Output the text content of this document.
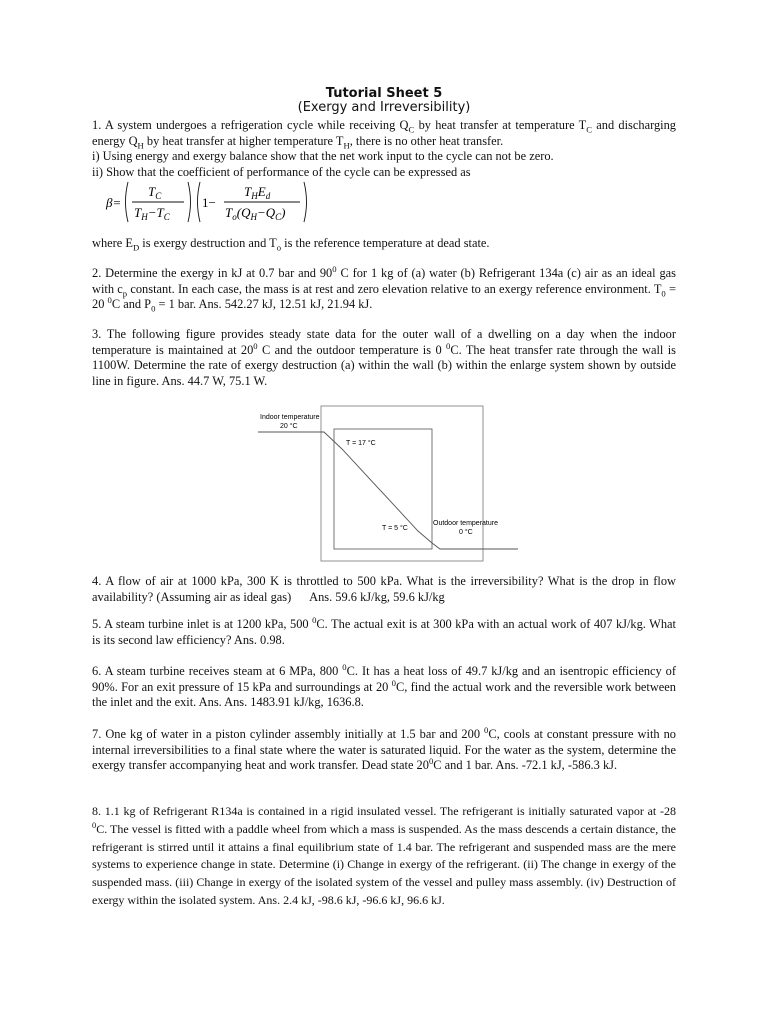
Tutorial Sheet 5
(Exergy and Irreversibility)

1. A system undergoes a refrigeration cycle while receiving $Q_C$ by heat transfer at temperature $T_C$ and discharging energy $Q_H$ by heat transfer at higher temperature $T_H$, there is no other heat transfer.
i) Using energy and exergy balance show that the net work input to the cycle can not be zero.
ii) Show that the coefficient of performance of the cycle can be expressed as

β=
$T_C$
$T_H-T_C$
1−
$T_HE_d$
$T_o(Q_H-Q_C)$

where $E_D$ is exergy destruction and $T_o$ is the reference temperature at dead state.

2. Determine the exergy in kJ at 0.7 bar and $90^0$ C for 1 kg of (a) water (b) Refrigerant 134a (c) air as an ideal gas with $c_p$ constant. In each case, the mass is at rest and zero elevation relative to an exergy reference environment. $T_0 = 20$ $^0$C and $P_0 = 1$ bar. Ans. 542.27 kJ, 12.51 kJ, 21.94 kJ.

3. The following figure provides steady state data for the outer wall of a dwelling on a day when the indoor temperature is maintained at $20^0$ C and the outdoor temperature is 0 $^0$C. The heat transfer rate through the wall is 1100W. Determine the rate of exergy destruction (a) within the wall (b) within the enlarge system shown by outside line in figure. Ans. 44.7 W, 75.1 W.

Indoor temperature
20 °C
T = 17 °C
T = 5 °C
Outdoor temperature
0 °C

4. A flow of air at 1000 kPa, 300 K is throttled to 500 kPa. What is the irreversibility? What is the drop in flow availability? (Assuming air as ideal gas)      Ans. 59.6 kJ/kg, 59.6 kJ/kg

5. A steam turbine inlet is at 1200 kPa, 500 $^0$C. The actual exit is at 300 kPa with an actual work of 407 kJ/kg. What is its second law efficiency? Ans. 0.98.

6. A steam turbine receives steam at 6 MPa, 800 $^0$C. It has a heat loss of 49.7 kJ/kg and an isentropic efficiency of 90%. For an exit pressure of 15 kPa and surroundings at 20 $^0$C, find the actual work and the reversible work between the inlet and the exit. Ans. Ans. 1483.91 kJ/kg, 1636.8.

7. One kg of water in a piston cylinder assembly initially at 1.5 bar and 200 $^0$C, cools at constant pressure with no internal irreversibilities to a final state where the water is saturated liquid. For the water as the system, determine the exergy transfer accompanying heat and work transfer. Dead state $20^0C$ and 1 bar. Ans. -72.1 kJ, -586.3 kJ.

8. 1.1 kg of Refrigerant R134a is contained in a rigid insulated vessel. The refrigerant is initially saturated vapor at -28 $^0$C. The vessel is fitted with a paddle wheel from which a mass is suspended. As the mass descends a certain distance, the refrigerant is stirred until it attains a final equilibrium state of 1.4 bar. The refrigerant and suspended mass are the mere systems to experience change in state. Determine (i) Change in exergy of the refrigerant. (ii) The change in exergy of the suspended mass. (iii) Change in exergy of the isolated system of the vessel and pulley mass assembly. (iv) Destruction of exergy within the isolated system. Ans. 2.4 kJ, -98.6 kJ, -96.6 kJ, 96.6 kJ.
